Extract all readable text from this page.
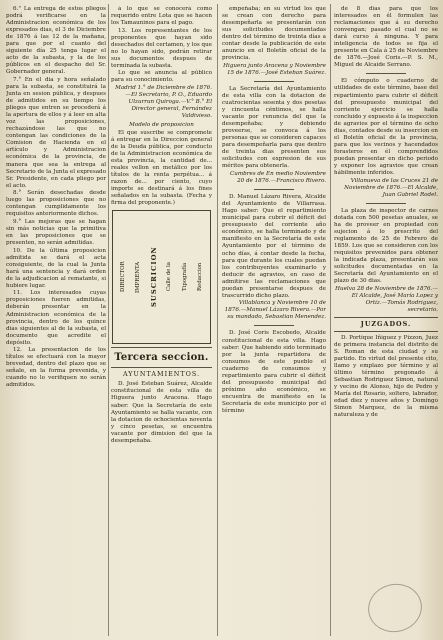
6.° La entrega de estos pliegos podrá verificarse en la Administracion económica de los expresados dias, el 3 de Diciembre de 1876 á las 12 de la mañana, para que por el cuanto del siguiente día 25 tenga lugar el acto de la subasta, y la de los públicos en el despacho del Sr. Gobernador general.

7.° En el dia y hora señalado para la subasta, se constituirá la Junta en sesion pública, y despues de admitidos en su tiempo los pliegos que entren se procederá á la apertura de ellos y á leer en alta voz las proposiciones, rechazándose las que no contengan las condiciones de la Comision de Hacienda en el artículo y Administracion económica de la provincia, de manera que sea la entrega al Secretario de la Junta el expresado Sr. Presidente, en cada pliego por el acto.

8.° Serán desechadas desde luego las proposiciones que no contengan cumplidamente los requisitos anteriormente dichos.

9.° Las mejoras que se hagan sin más noticias que la primitiva en las proposiciones que se presenten, no serán admitidas.

10. De la última proposicion admitida se dará el acta consiguiente, de la cual la Junta hará una sentencia y dará orden de la adjudicacion al rematante, si hubiere lugar.

11. Los interesados cuyas proposiciones fueren admitidas, deberán presentar en la Administracion económica de la provincia, dentro de los quince dias siguientes al de la subasta, el documento que acredite el depósito.

12. La presentacion de los títulos se efectuará con la mayor brevedad, dentro del plazo que se señale, en la forma prevenida, y cuando no lo verifiquen no serán admitidos.

á lo que se conocerá como requerido entre Lota que se hacen los Tamauninos para el pago.

13. Los representantes de los proponentes que hayan sido desechados del certamen, y los que no lo hayan sido, podrán retirar sus documentos despues de terminada la subasta.

Lo que se anuncia al público para su conocimiento.

Madrid 1.° de Diciembre de 1876.—El Secretario, P. O., Eduardo Ulzurrun Quiroga.—V.° B.° El Director general, Fernández Valdivieso.

Modelo de proposicion

El que suscribe se compromete á entregar en la Direccion general de la Deuda pública, por conducto de la Administracion económica de esta provincia, la cantidad de... reales vellon en metálico por los títulos de la renta perpétua... á razon de... por ciento, cuyo importe se destinará á los fines señalados en la subasta. (Fecha y firma del proponente.)

DIRECTOR IMPRENTA SUSCRICION Calle de la Tipografía Redaccion
Tercera seccion.
AYUNTAMIENTOS.

D. José Esteban Suárez, Alcalde constitucional de esta villa de Higuera junto Aracena. Hago saber: Que la Secretaría de este Ayuntamiento se halla vacante, con la dotacion de ochocientas noventa y cinco pesetas, se encuentra vacante por dimision del que la desempeñaba.

empeñaba; en su virtud los que se crean con derecho para desempeñarla se presentarán con sus solicitudes documentadas dentro del término de treinta días a contar desde la publicación de este anuncio en el Boletín oficial de la provincia.

Higuera junto Aracena y Noviembre 15 de 1876.—José Esteban Suárez.

La Secretaría del Ayuntamiento de esta villa con la dotacion de cuatrocientas sesenta y dos pesetas y cincuenta céntimos, se halla vacante por renuncia del que la desempeñaba; y debiendo proveerse, se convoca á los personas que se consideren capaces para desempeñarla para que dentro de treinta dias presenten sus solicitudes con expresion de sus méritos para obtenerla.

Cumbres de En medio Noviembre 20 de 1876.—Francisco Rivero.

D. Manuel Lázaro Rivera, Alcalde del Ayuntamiento de Villarrasa. Hago saber: Que el repartimiento municipal para cubrir el déficit del presupuesto del corriente año económico, se halla terminado y de manifiesto en la Secretaría de este Ayuntamiento por el término de ocho días, á contar desde la fecha, para que durante los cuales puedan los contribuyentes examinarlo y deducir de agravios, en caso de admitirse las reclamaciones que puedan presentarse despues de trascurrido dicho plazo.

Villablanca y Noviembre 10 de 1876.—Manuel Lázaro Rivera.—Por su mandado, Sebastian Menendez.

D. José Coris Escobedo, Alcalde constitucional de esta villa. Hago saber: Que habiendo sido terminado por la junta repartidora de consumos de este pueblo el cuaderno de consumos y repartimiento para cubrir el déficit del presupuesto municipal del próximo año económico, se encuentra de manifiesto en la Secretaría de este municipio por el término

de 8 dias para que los interesados en él formulen las reclamaciones que á su derecho convengan; pasado el cual no se dará curso á ninguna. Y para inteligencia de todos se fija el presente en Cala á 25 de Noviembre de 1876.—José Coris.—P. S. M., Miguel de Alcaide Serrano.

El cómputo o cuaderno de utilidades de este término, base del repartimiento para cubrir el déficit del presupuesto municipal del corriente ejercicio se halla concluido y expuesto á la inspeccion de agravios por el término de ocho dias, contados desde su insercion en el Boletín oficial de la provincia, para que los vecinos y hacendados forasteros en él comprendidos puedan presentar en dicho periodo y exponer los agravios que crean hábilmente inferidos.

Villanueva de las Cruces 21 de Noviembre de 1876.—El Alcalde, Juan Gabriel Rodel.

La plaza de inspector de carnes dotada con 500 pesetas anuales, se ha de proveer en propiedad con sujecion á lo prescrito del reglamento de 25 de Febrero de 1859. Los que se consideren con los requisitos prevenidos para obtener la indicada plaza, presentarán sus solicitudes documentadas en la Secretaría del Ayuntamiento en el plazo de 30 dias.

Huelva 28 de Noviembre de 1876.—El Alcalde, José María Lopez y Ortiz.—Tomás Rodriguez, secretario.

JUZGADOS.

D. Portique Iñiguez y Pizzon, Juez de primera instancia del distrito de S. Roman de esta ciudad y su partido. En virtud del presente cito, llamo y emplazo por término y al último término pregonado á Sebastian Rodriguez Simon, natural y vecino de Alonso, hijo de Pedro y María del Rosario, soltero, labrador, edad diez y nueve años y Domingo Simon Marquez, de la misma naturaleza y de
